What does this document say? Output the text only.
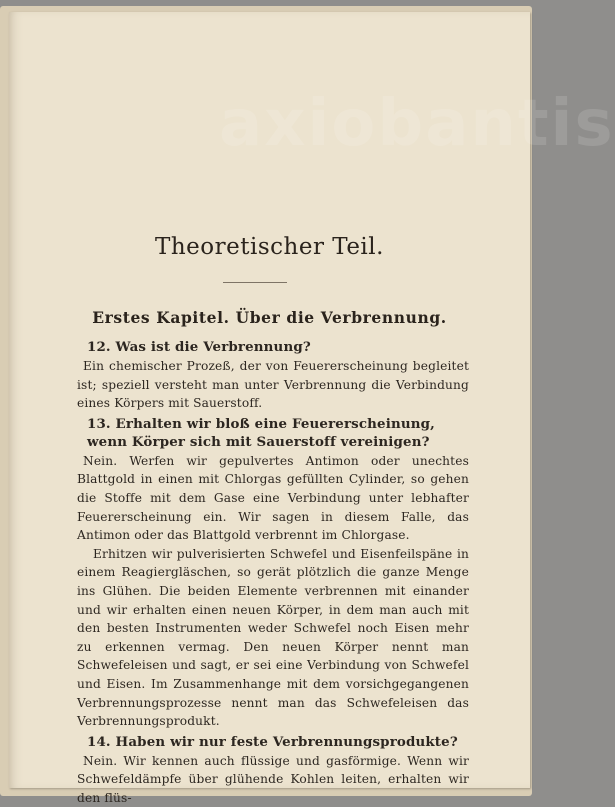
axiobantis
Theoretischer Teil.
Erstes Kapitel. Über die Verbrennung.
12. Was ist die Verbrennung?

Ein chemischer Prozeß, der von Feuererscheinung begleitet ist; speziell versteht man unter Verbrennung die Verbindung eines Körpers mit Sauerstoff.

13. Erhalten wir bloß eine Feuererscheinung, wenn Körper sich mit Sauerstoff vereinigen?

Nein. Werfen wir gepulvertes Antimon oder unechtes Blattgold in einen mit Chlorgas gefüllten Cylinder, so gehen die Stoffe mit dem Gase eine Verbindung unter lebhafter Feuererscheinung ein. Wir sagen in diesem Falle, das Antimon oder das Blattgold verbrennt im Chlorgase.

Erhitzen wir pulverisierten Schwefel und Eisenfeilspäne in einem Reagiergläschen, so gerät plötzlich die ganze Menge ins Glühen. Die beiden Elemente verbrennen mit einander und wir erhalten einen neuen Körper, in dem man auch mit den besten Instrumenten weder Schwefel noch Eisen mehr zu erkennen vermag. Den neuen Körper nennt man Schwefeleisen und sagt, er sei eine Verbindung von Schwefel und Eisen. Im Zusammenhange mit dem vorsichgegangenen Verbrennungsprozesse nennt man das Schwefeleisen das Verbrennungsprodukt.

14. Haben wir nur feste Verbrennungsprodukte?

Nein. Wir kennen auch flüssige und gasförmige. Wenn wir Schwefeldämpfe über glühende Kohlen leiten, erhalten wir den flüs-
